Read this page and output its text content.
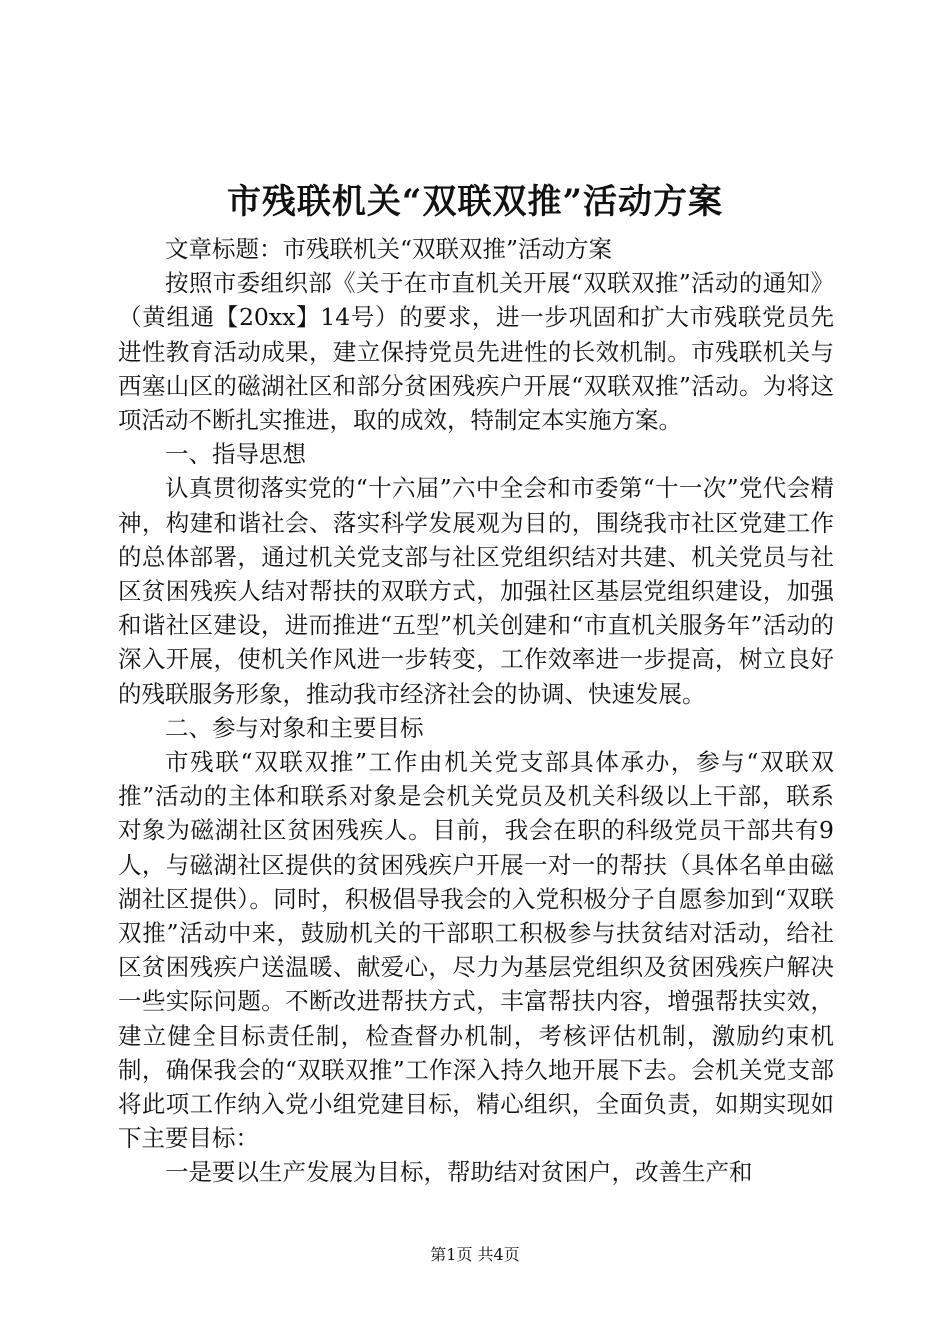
市残联机关“双联双推”活动方案

文章标题：市残联机关“双联双推”活动方案

按照市委组织部《关于在市直机关开展“双联双推”活动的通知》（黄组通【20xx】14号）的要求，进一步巩固和扩大市残联党员先进性教育活动成果，建立保持党员先进性的长效机制。市残联机关与西塞山区的磁湖社区和部分贫困残疾户开展“双联双推”活动。为将这项活动不断扎实推进，取的成效，特制定本实施方案。

一、指导思想

认真贯彻落实党的“十六届”六中全会和市委第“十一次”党代会精神，构建和谐社会、落实科学发展观为目的，围绕我市社区党建工作的总体部署，通过机关党支部与社区党组织结对共建、机关党员与社区贫困残疾人结对帮扶的双联方式，加强社区基层党组织建设，加强和谐社区建设，进而推进“五型”机关创建和“市直机关服务年”活动的深入开展，使机关作风进一步转变，工作效率进一步提高，树立良好的残联服务形象，推动我市经济社会的协调、快速发展。

二、参与对象和主要目标

市残联“双联双推”工作由机关党支部具体承办，参与“双联双推”活动的主体和联系对象是会机关党员及机关科级以上干部，联系对象为磁湖社区贫困残疾人。目前，我会在职的科级党员干部共有9人，与磁湖社区提供的贫困残疾户开展一对一的帮扶（具体名单由磁湖社区提供）。同时，积极倡导我会的入党积极分子自愿参加到“双联双推”活动中来，鼓励机关的干部职工积极参与扶贫结对活动，给社区贫困残疾户送温暖、献爱心，尽力为基层党组织及贫困残疾户解决一些实际问题。不断改进帮扶方式，丰富帮扶内容，增强帮扶实效，建立健全目标责任制，检查督办机制，考核评估机制，激励约束机制，确保我会的“双联双推”工作深入持久地开展下去。会机关党支部将此项工作纳入党小组党建目标，精心组织，全面负责，如期实现如下主要目标：

一是要以生产发展为目标，帮助结对贫困户，改善生产和

第1页 共4页
